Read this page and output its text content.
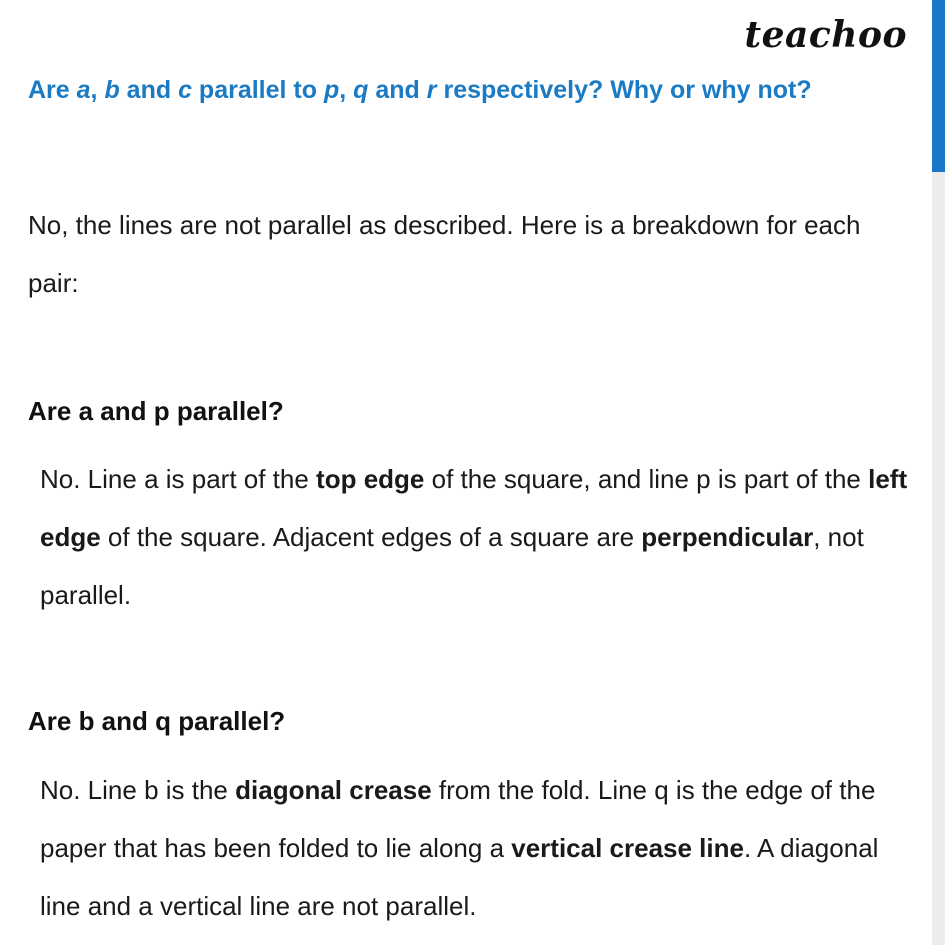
teachoo
Are a, b and c parallel to p, q and r respectively? Why or why not?
No, the lines are not parallel as described. Here is a breakdown for each pair:
Are a and p parallel?
No. Line a is part of the top edge of the square, and line p is part of the left edge of the square. Adjacent edges of a square are perpendicular, not parallel.
Are b and q parallel?
No. Line b is the diagonal crease from the fold. Line q is the edge of the paper that has been folded to lie along a vertical crease line. A diagonal line and a vertical line are not parallel.
